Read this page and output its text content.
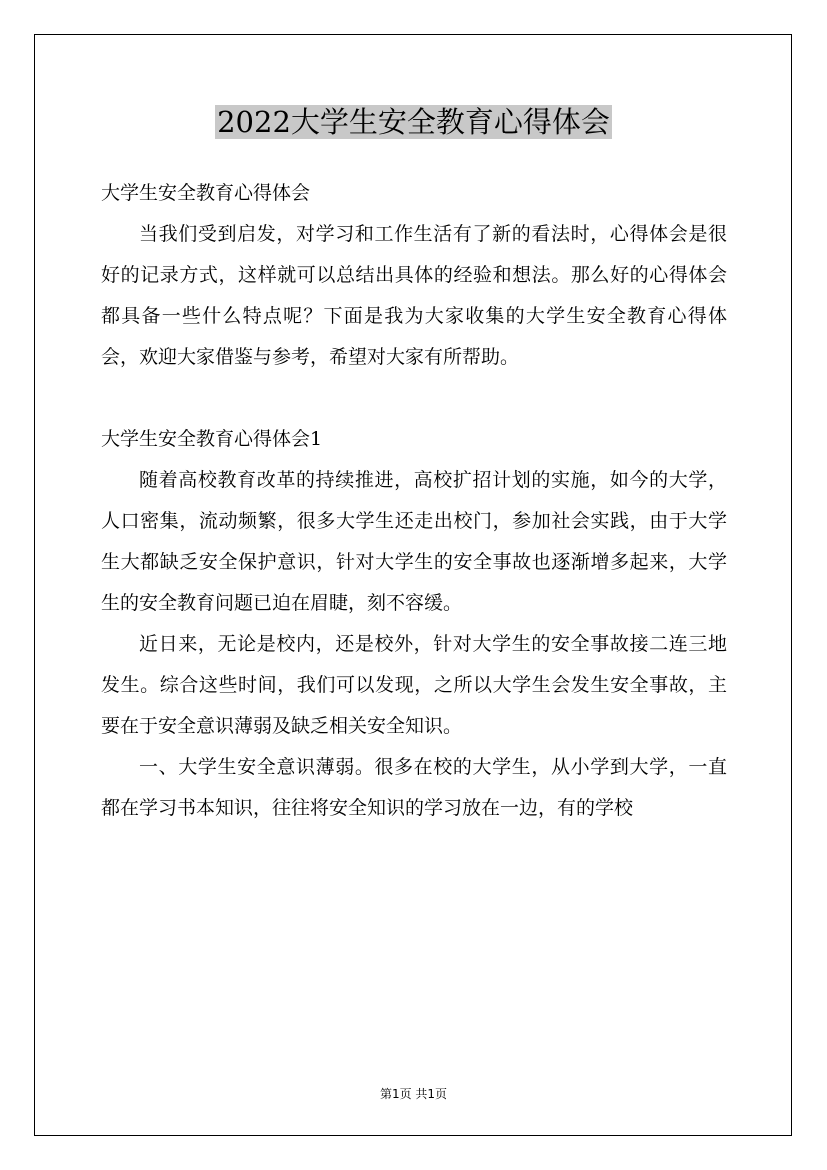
2022大学生安全教育心得体会

大学生安全教育心得体会

当我们受到启发，对学习和工作生活有了新的看法时，心得体会是很好的记录方式，这样就可以总结出具体的经验和想法。那么好的心得体会都具备一些什么特点呢？下面是我为大家收集的大学生安全教育心得体会，欢迎大家借鉴与参考，希望对大家有所帮助。

大学生安全教育心得体会1

随着高校教育改革的持续推进，高校扩招计划的实施，如今的大学，人口密集，流动频繁，很多大学生还走出校门，参加社会实践，由于大学生大都缺乏安全保护意识，针对大学生的安全事故也逐渐增多起来，大学生的安全教育问题已迫在眉睫，刻不容缓。

近日来，无论是校内，还是校外，针对大学生的安全事故接二连三地发生。综合这些时间，我们可以发现，之所以大学生会发生安全事故，主要在于安全意识薄弱及缺乏相关安全知识。

一、大学生安全意识薄弱。很多在校的大学生，从小学到大学，一直都在学习书本知识，往往将安全知识的学习放在一边，有的学校

第1页 共1页
